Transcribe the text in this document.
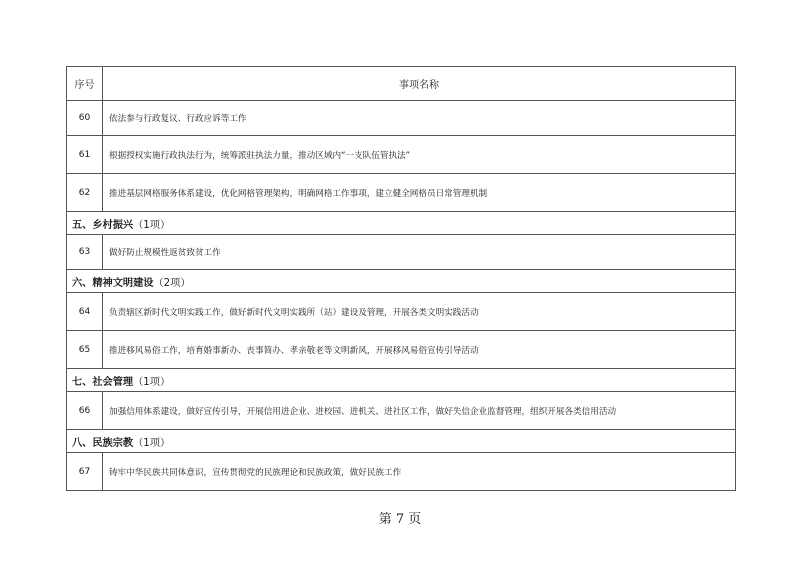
序号	事项名称
60	依法参与行政复议、行政应诉等工作
61	根据授权实施行政执法行为，统筹派驻执法力量，推动区域内“一支队伍管执法”
62	推进基层网格服务体系建设，优化网格管理架构，明确网格工作事项，建立健全网格员日常管理机制
五、乡村振兴（1项）	
63	做好防止规模性返贫致贫工作
六、精神文明建设（2项）	
64	负责辖区新时代文明实践工作，做好新时代文明实践所（站）建设及管理，开展各类文明实践活动
65	推进移风易俗工作，培育婚事新办、丧事简办、孝亲敬老等文明新风，开展移风易俗宣传引导活动
七、社会管理（1项）	
66	加强信用体系建设，做好宣传引导，开展信用进企业、进校园、进机关、进社区工作，做好失信企业监督管理，组织开展各类信用活动
八、民族宗教（1项）	
67	铸牢中华民族共同体意识，宣传贯彻党的民族理论和民族政策，做好民族工作
第 7 页
